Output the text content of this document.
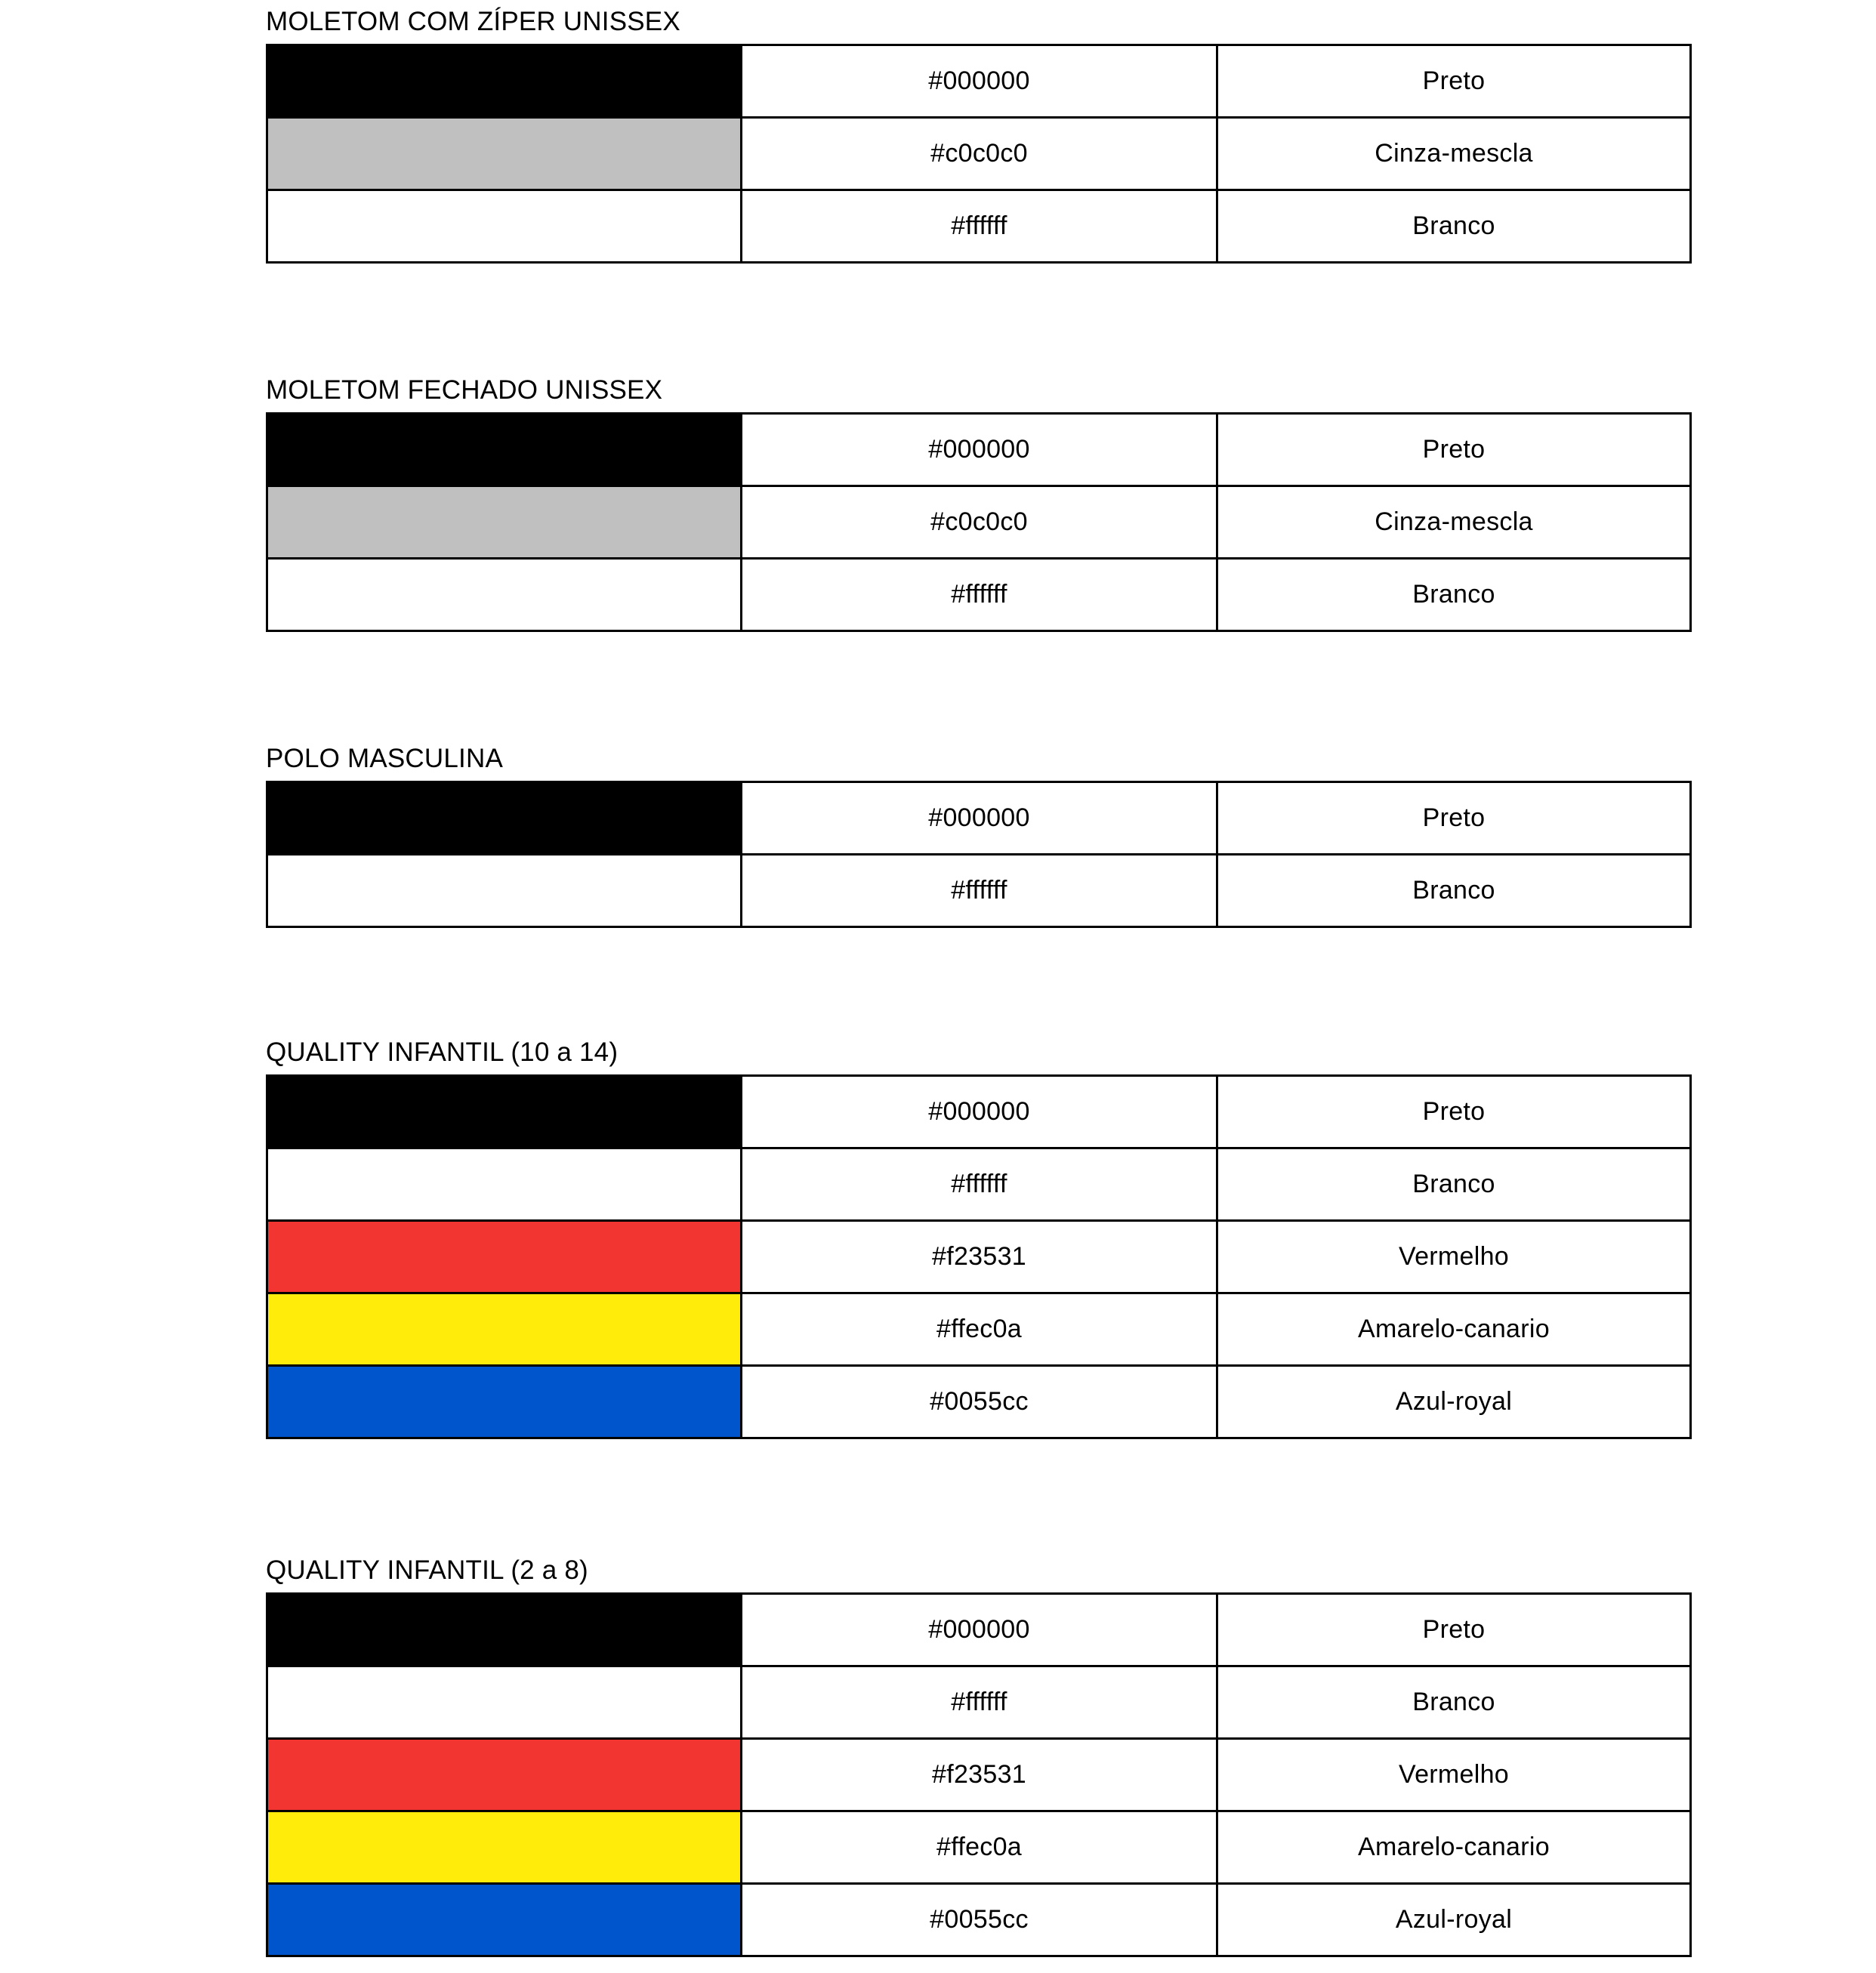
MOLETOM COM ZÍPER UNISSEX
	#000000	Preto

	#c0c0c0	Cinza-mescla

	#ffffff	Branco
MOLETOM FECHADO UNISSEX
	#000000	Preto

	#c0c0c0	Cinza-mescla

	#ffffff	Branco
POLO MASCULINA
	#000000	Preto

	#ffffff	Branco
QUALITY INFANTIL (10 a 14)
	#000000	Preto

	#ffffff	Branco

	#f23531	Vermelho

	#ffec0a	Amarelo-canario

	#0055cc	Azul-royal
QUALITY INFANTIL (2 a 8)
	#000000	Preto

	#ffffff	Branco

	#f23531	Vermelho

	#ffec0a	Amarelo-canario

	#0055cc	Azul-royal
